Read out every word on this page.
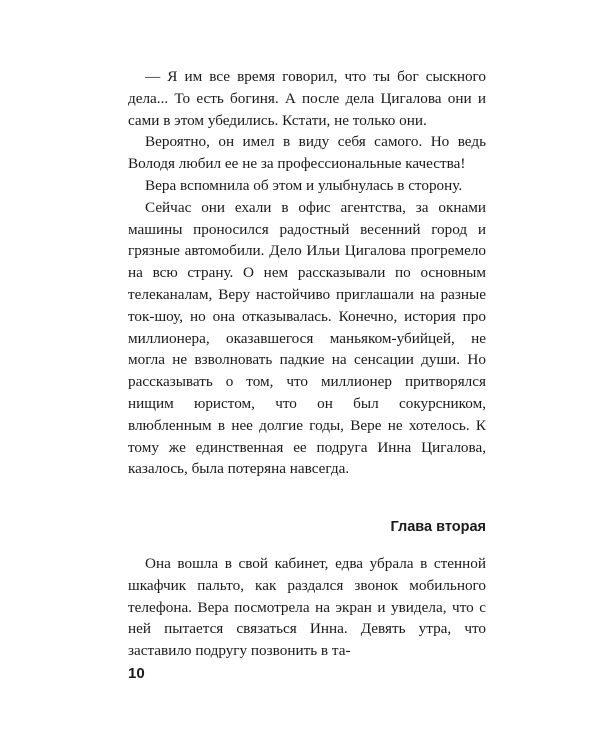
— Я им все время говорил, что ты бог сыскного дела... То есть богиня. А после дела Цигалова они и сами в этом убедились. Кстати, не только они.

Вероятно, он имел в виду себя самого. Но ведь Володя любил ее не за профессиональные качества!

Вера вспомнила об этом и улыбнулась в сторону.

Сейчас они ехали в офис агентства, за окнами машины проносился радостный весенний город и грязные автомобили. Дело Ильи Цигалова прогремело на всю страну. О нем рассказывали по основным телеканалам, Веру настойчиво приглашали на разные ток-шоу, но она отказывалась. Конечно, история про миллионера, оказавшегося маньяком-убийцей, не могла не взволновать падкие на сенсации души. Но рассказывать о том, что миллионер притворялся нищим юристом, что он был сокурсником, влюбленным в нее долгие годы, Вере не хотелось. К тому же единственная ее подруга Инна Цигалова, казалось, была потеряна навсегда.

Глава вторая

Она вошла в свой кабинет, едва убрала в стенной шкафчик пальто, как раздался звонок мобильного телефона. Вера посмотрела на экран и увидела, что с ней пытается связаться Инна. Девять утра, что заставило подругу позвонить в та-

10
